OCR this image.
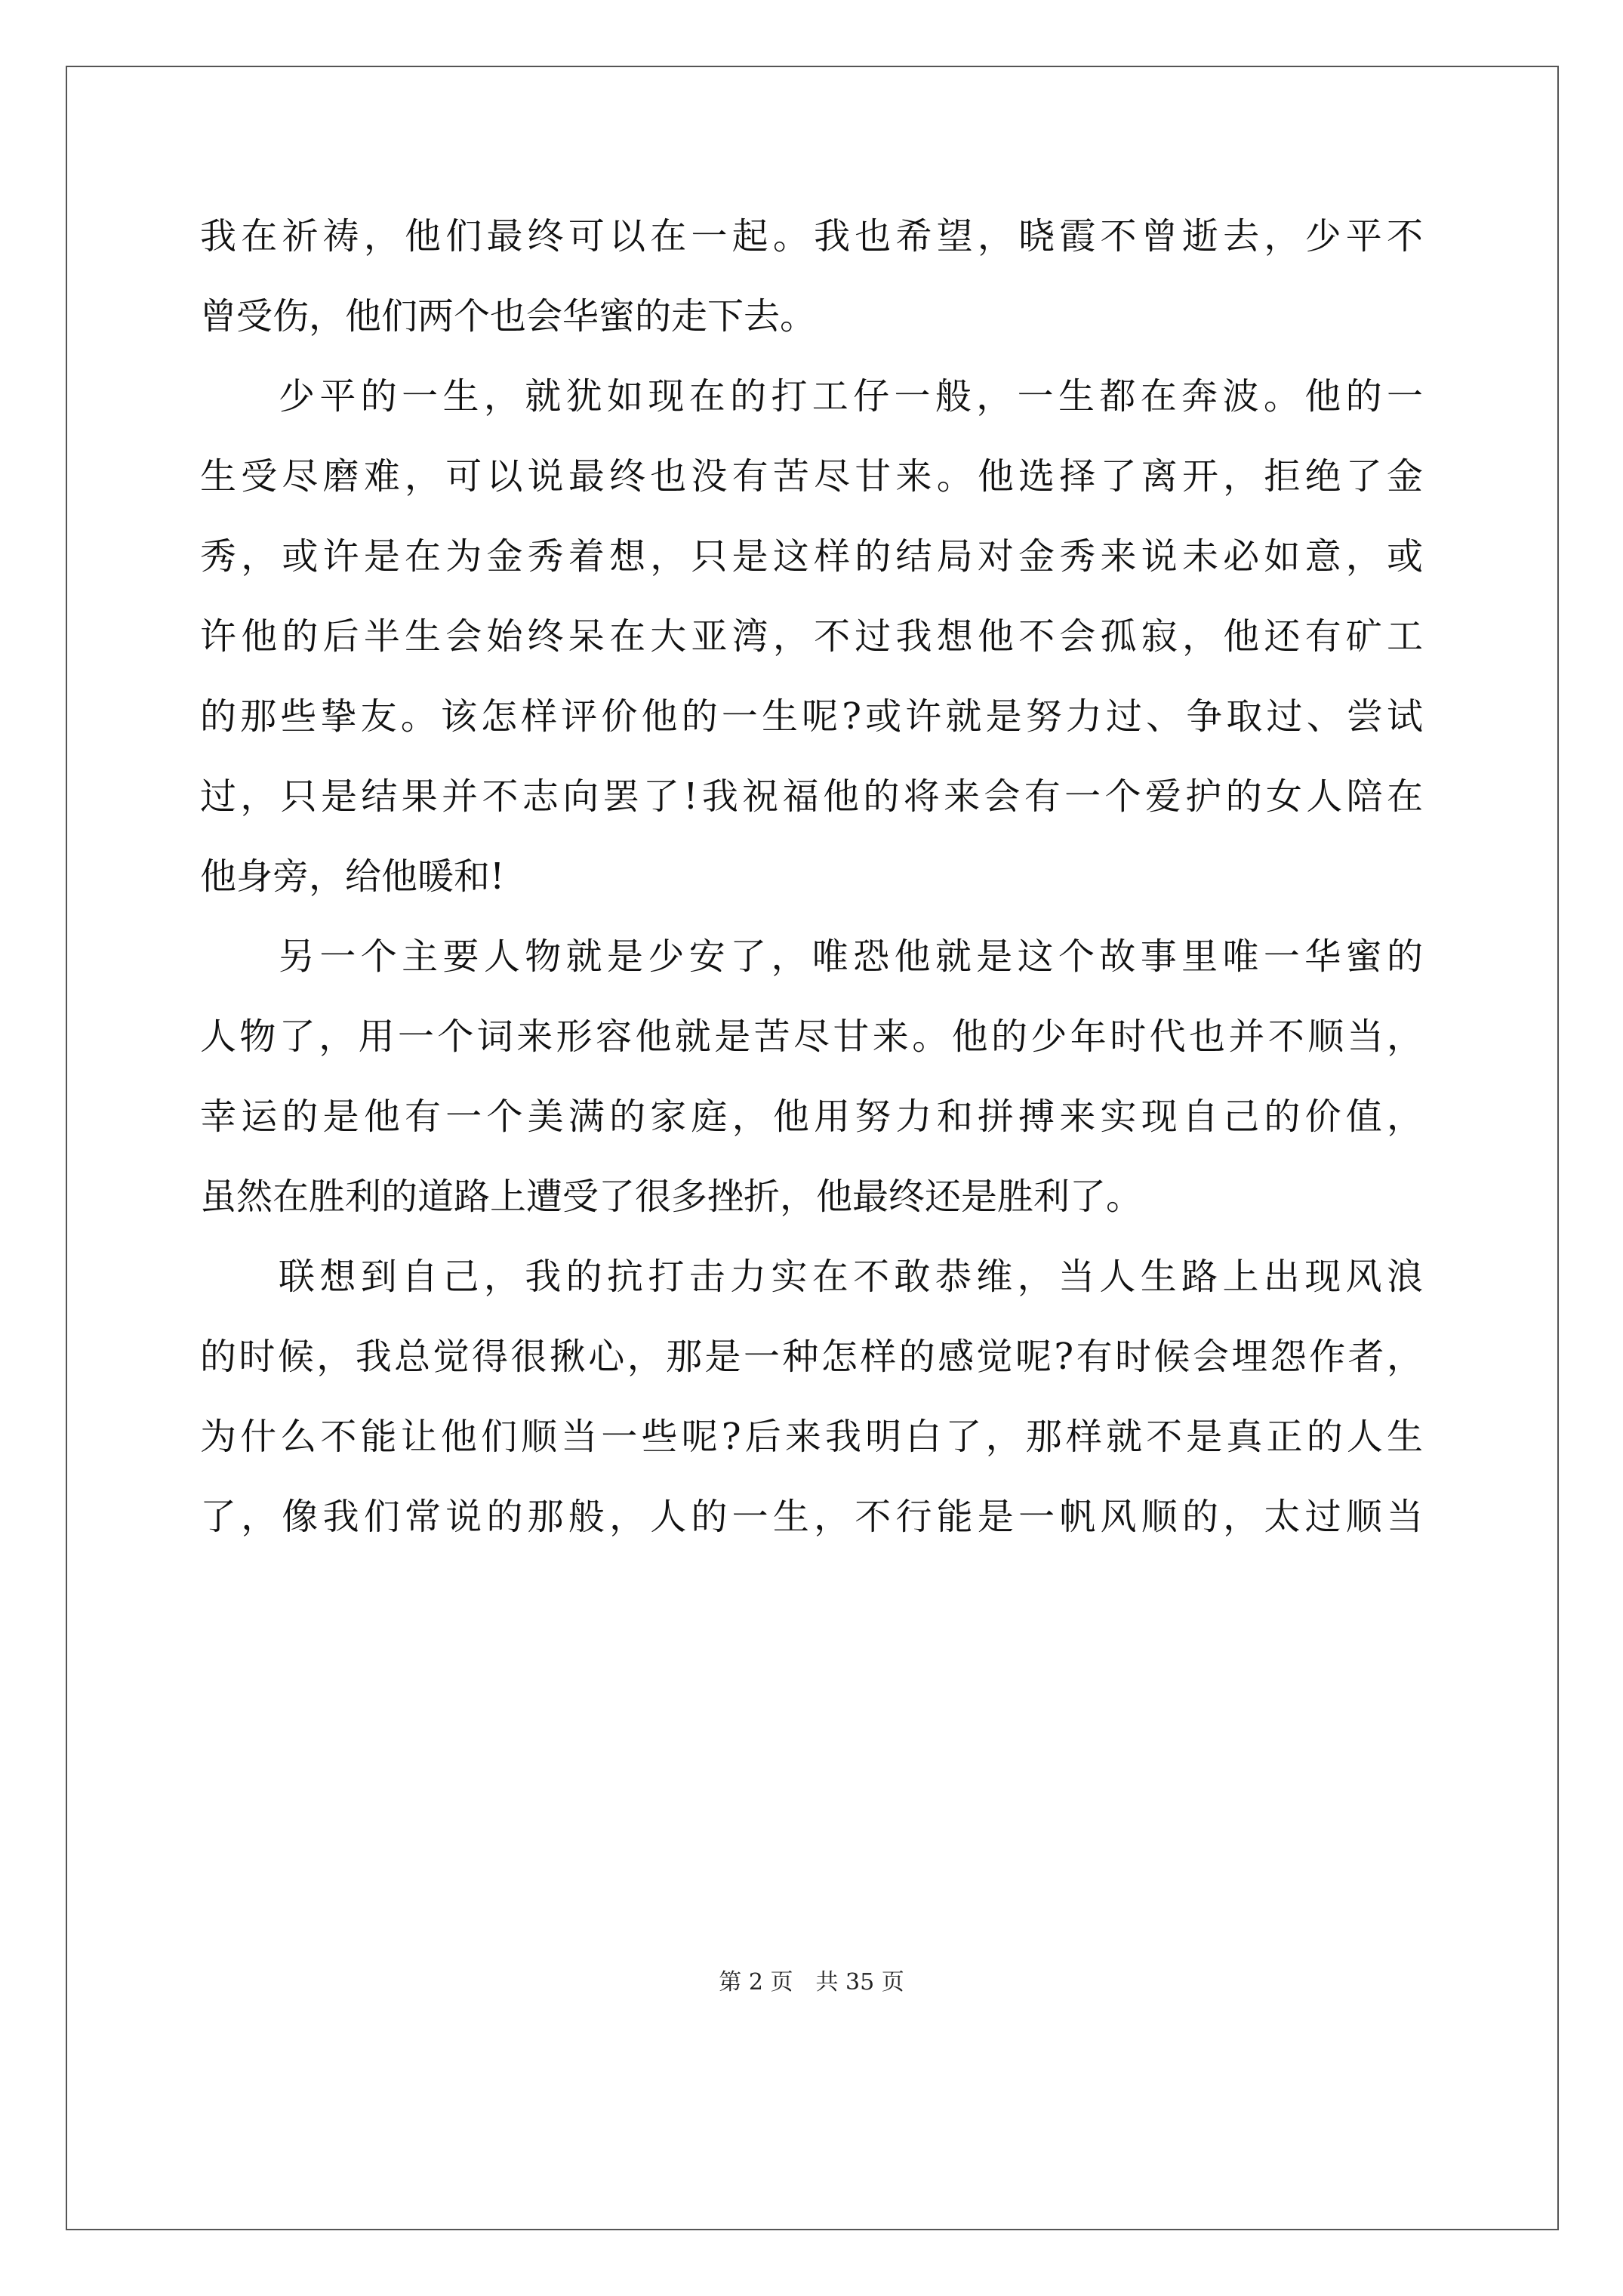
我在祈祷，他们最终可以在一起。我也希望，晓霞不曾逝去，少平不
曾受伤，他们两个也会华蜜的走下去。
少平的一生，就犹如现在的打工仔一般，一生都在奔波。他的一
生受尽磨难，可以说最终也没有苦尽甘来。他选择了离开，拒绝了金
秀，或许是在为金秀着想，只是这样的结局对金秀来说未必如意，或
许他的后半生会始终呆在大亚湾，不过我想他不会孤寂，他还有矿工
的那些挚友。该怎样评价他的一生呢?或许就是努力过、争取过、尝试
过，只是结果并不志向罢了!我祝福他的将来会有一个爱护的女人陪在
他身旁，给他暖和!
另一个主要人物就是少安了，唯恐他就是这个故事里唯一华蜜的
人物了，用一个词来形容他就是苦尽甘来。他的少年时代也并不顺当，
幸运的是他有一个美满的家庭，他用努力和拼搏来实现自己的价值，
虽然在胜利的道路上遭受了很多挫折，他最终还是胜利了。
联想到自己，我的抗打击力实在不敢恭维，当人生路上出现风浪
的时候，我总觉得很揪心，那是一种怎样的感觉呢?有时候会埋怨作者，
为什么不能让他们顺当一些呢?后来我明白了，那样就不是真正的人生
了，像我们常说的那般，人的一生，不行能是一帆风顺的，太过顺当
第 2 页　共 35 页
